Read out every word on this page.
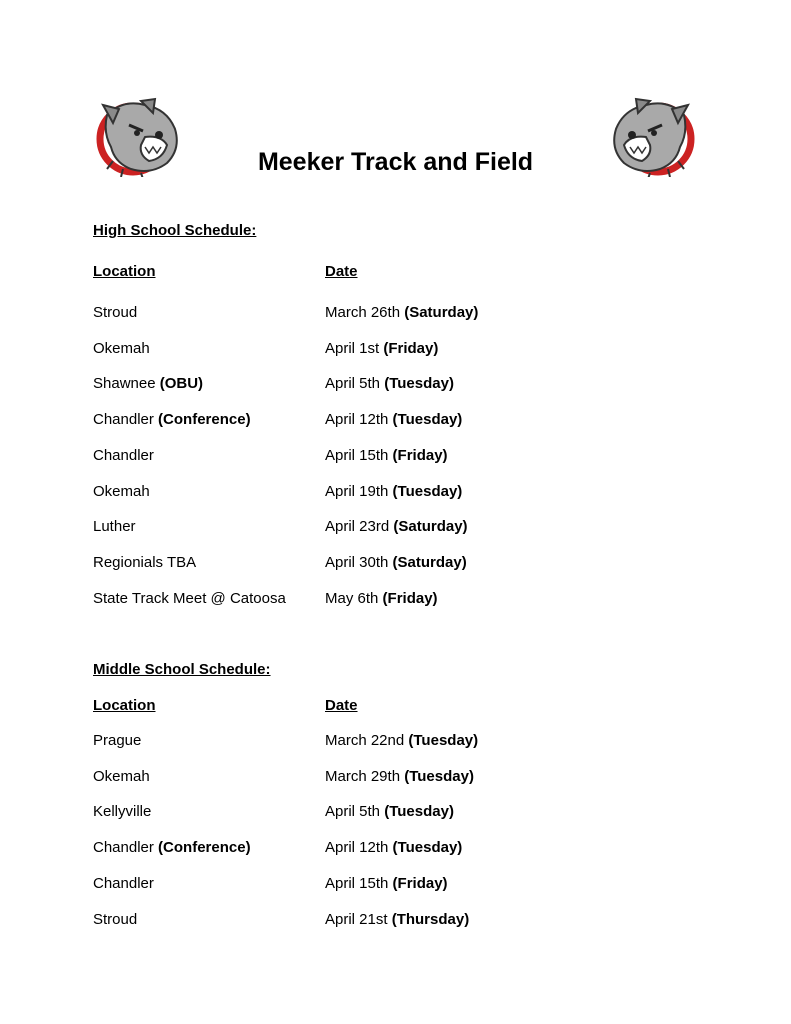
Meeker Track and Field
High School Schedule:
Location	Date
Stroud	March 26th (Saturday)
Okemah	April 1st (Friday)
Shawnee (OBU)	April 5th (Tuesday)
Chandler (Conference)	April 12th (Tuesday)
Chandler	April 15th (Friday)
Okemah	April 19th (Tuesday)
Luther	April 23rd (Saturday)
Regionials TBA	April 30th (Saturday)
State Track Meet @ Catoosa	May 6th (Friday)
Middle School Schedule:
Location	Date
Prague	March 22nd (Tuesday)
Okemah	March 29th (Tuesday)
Kellyville	April 5th (Tuesday)
Chandler (Conference)	April 12th (Tuesday)
Chandler	April 15th (Friday)
Stroud	April 21st (Thursday)
